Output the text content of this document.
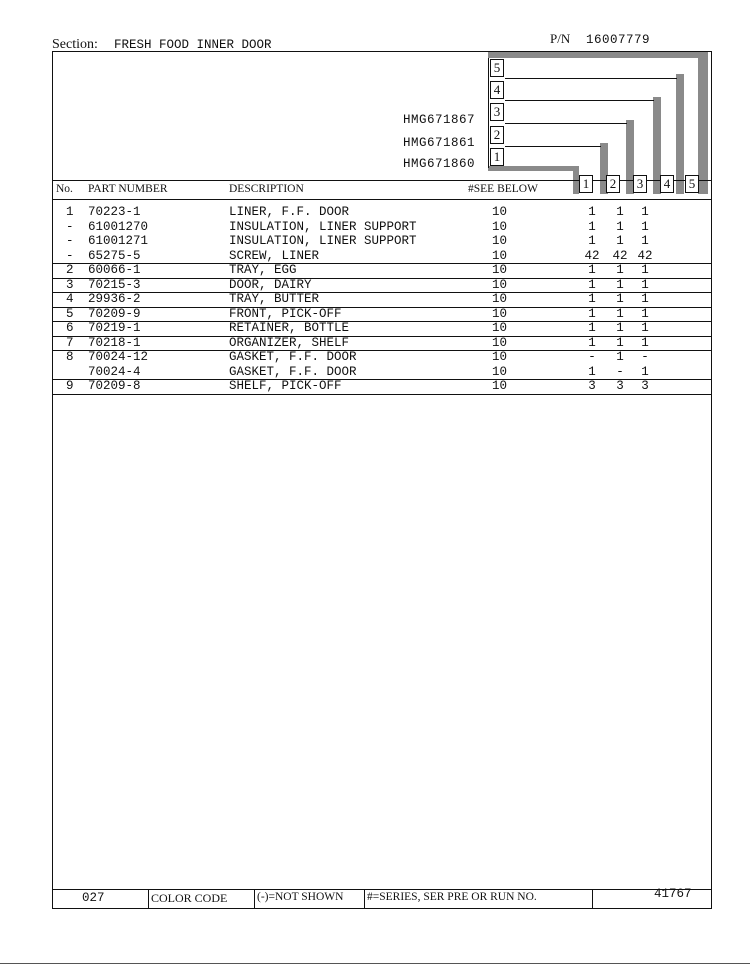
Section: FRESH FOOD INNER DOOR	P/N 16007779
5
4
3
2
1
HMG671867
HMG671861
HMG671860
No. PART NUMBER	DESCRIPTION	#SEE BELOW	1 2 3 4 5
1 70223-1	LINER, F.F. DOOR	10	1	1	1
- 61001270	INSULATION, LINER SUPPORT	10	1	1	1
- 61001271	INSULATION, LINER SUPPORT	10	1	1	1
- 65275-5	SCREW, LINER	10	42	42 42
2 60066-1	TRAY, EGG	10	1	1	1
3 70215-3	DOOR, DAIRY	10	1	1	1
4 29936-2	TRAY, BUTTER	10	1	1	1
5 70209-9	FRONT, PICK-OFF	10	1	1	1
6 70219-1	RETAINER, BOTTLE	10	1	1	1
7 70218-1	ORGANIZER, SHELF	10	1	1	1
8 70024-12	GASKET, F.F. DOOR	10	-	1	-
70024-4	GASKET, F.F. DOOR	10	1	-	1
9 70209-8	SHELF, PICK-OFF	10	3	3	3
027	COLOR CODE	(-)=NOT SHOWN #=SERIES, SER PRE OR RUN NO.	41767
